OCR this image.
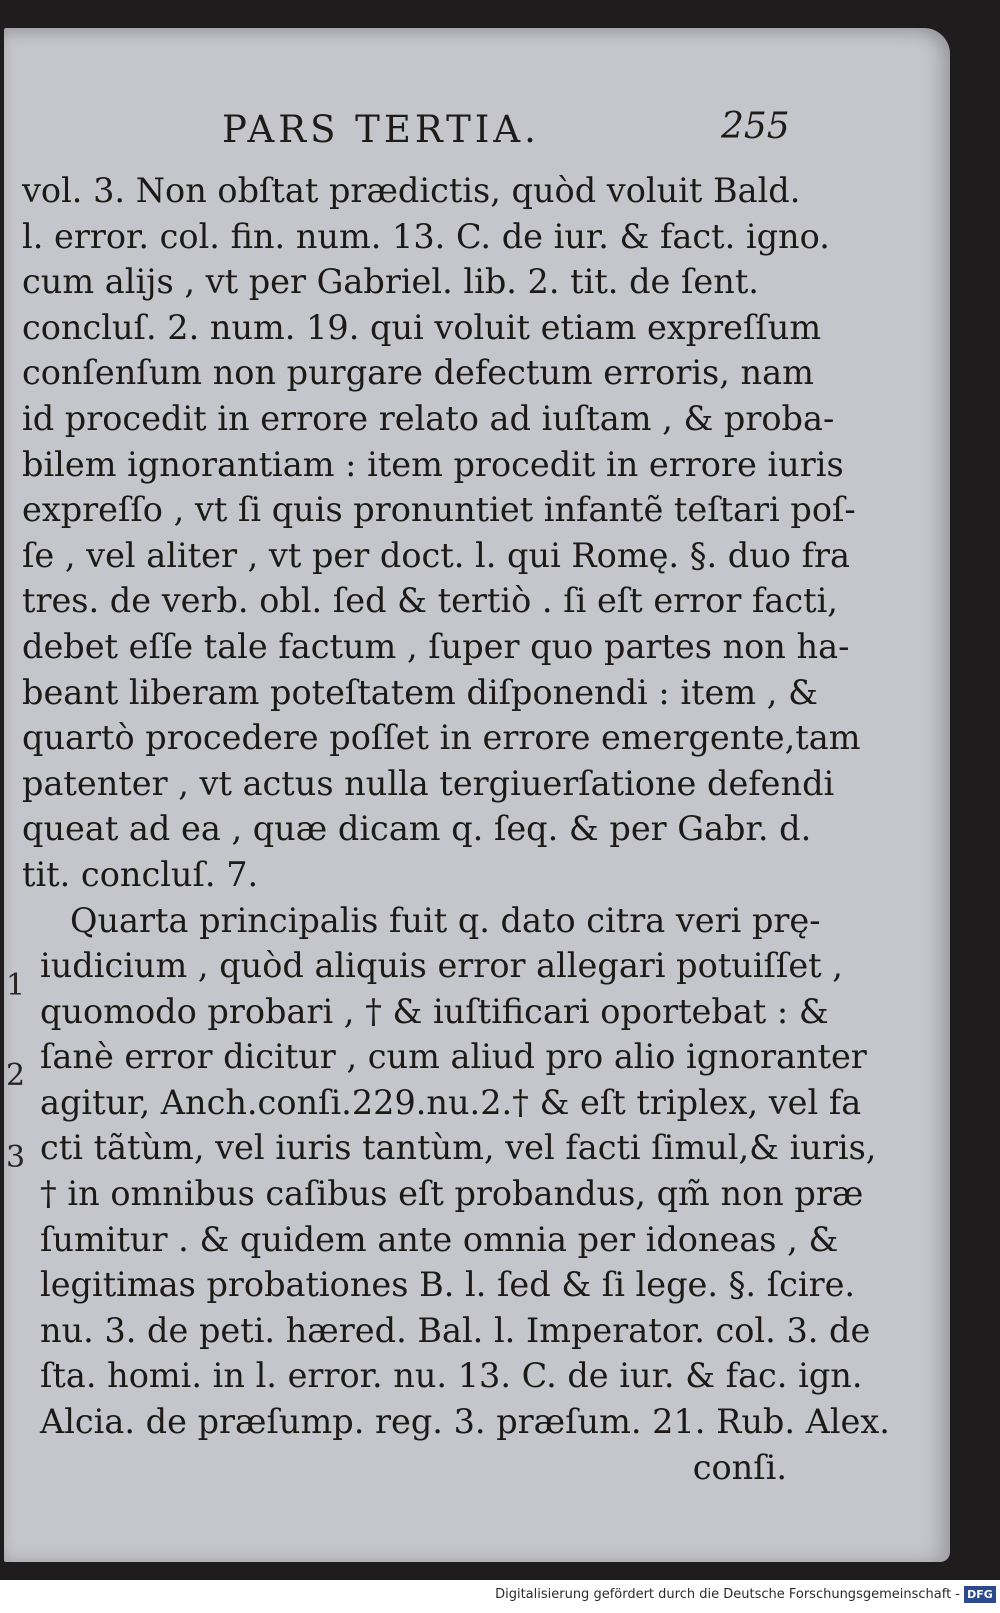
PARS TERTIA.	255
vol. 3. Non obſtat prædictis, quòd voluit Bald.
l. error. col. fin. num. 13. C. de iur. & fact. igno.
cum alijs , vt per Gabriel. lib. 2. tit. de ſent.
concluſ. 2. num. 19. qui voluit etiam expreſſum
conſenſum non purgare defectum erroris, nam
id procedit in errore relato ad iuſtam , & proba-
bilem ignorantiam : item procedit in errore iuris
expreſſo , vt ſi quis pronuntiet infantẽ teſtari poſ-
ſe , vel aliter , vt per doct. l. qui Romę. §. duo fra
tres. de verb. obl. ſed & tertiò . ſi eſt error facti,
debet eſſe tale factum , ſuper quo partes non ha-
beant liberam poteſtatem diſponendi : item , &
quartò procedere poſſet in errore emergente,tam
patenter , vt actus nulla tergiuerſatione defendi
queat ad ea , quæ dicam q. ſeq. & per Gabr. d.
tit. concluſ. 7.
Quarta principalis fuit q. dato citra veri prę-
iudicium , quòd aliquis error allegari potuiſſet ,
quomodo probari , † & iuſtificari oportebat : &
ſanè error dicitur , cum aliud pro alio ignoranter
agitur, Anch.conſi.229.nu.2.† & eſt triplex, vel fa
cti tãtùm, vel iuris tantùm, vel facti ſimul,& iuris,
† in omnibus caſibus eſt probandus, qm̃ non præ
ſumitur . & quidem ante omnia per idoneas , &
legitimas probationes B. l. ſed & ſi lege. §. ſcire.
nu. 3. de peti. hæred. Bal. l. Imperator. col. 3. de
ſta. homi. in l. error. nu. 13. C. de iur. & fac. ign.
Alcia. de præſump. reg. 3. præſum. 21. Rub. Alex.
conſi.
1
2
3
Digitalisierung gefördert durch die Deutsche Forschungsgemeinschaft - DFG
